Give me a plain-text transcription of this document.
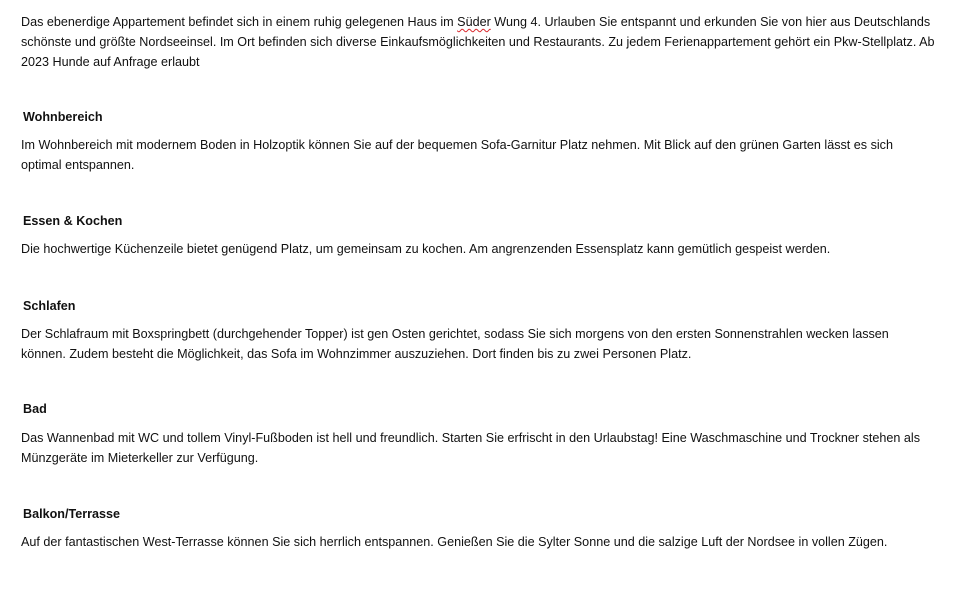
Das ebenerdige Appartement befindet sich in einem ruhig gelegenen Haus im Süder Wung 4. Urlauben Sie entspannt und erkunden Sie von hier aus Deutschlands schönste und größte Nordseeinsel. Im Ort befinden sich diverse Einkaufsmöglichkeiten und Restaurants. Zu jedem Ferienappartement gehört ein Pkw-Stellplatz. Ab 2023 Hunde auf Anfrage erlaubt

Wohnbereich

Im Wohnbereich mit modernem Boden in Holzoptik können Sie auf der bequemen Sofa-Garnitur Platz nehmen. Mit Blick auf den grünen Garten lässt es sich optimal entspannen.

Essen & Kochen

Die hochwertige Küchenzeile bietet genügend Platz, um gemeinsam zu kochen. Am angrenzenden Essensplatz kann gemütlich gespeist werden.

Schlafen

Der Schlafraum mit Boxspringbett (durchgehender Topper) ist gen Osten gerichtet, sodass Sie sich morgens von den ersten Sonnenstrahlen wecken lassen können. Zudem besteht die Möglichkeit, das Sofa im Wohnzimmer auszuziehen. Dort finden bis zu zwei Personen Platz.

Bad

Das Wannenbad mit WC und tollem Vinyl-Fußboden ist hell und freundlich. Starten Sie erfrischt in den Urlaubstag! Eine Waschmaschine und Trockner stehen als Münzgeräte im Mieterkeller zur Verfügung.

Balkon/Terrasse

Auf der fantastischen West-Terrasse können Sie sich herrlich entspannen. Genießen Sie die Sylter Sonne und die salzige Luft der Nordsee in vollen Zügen.
